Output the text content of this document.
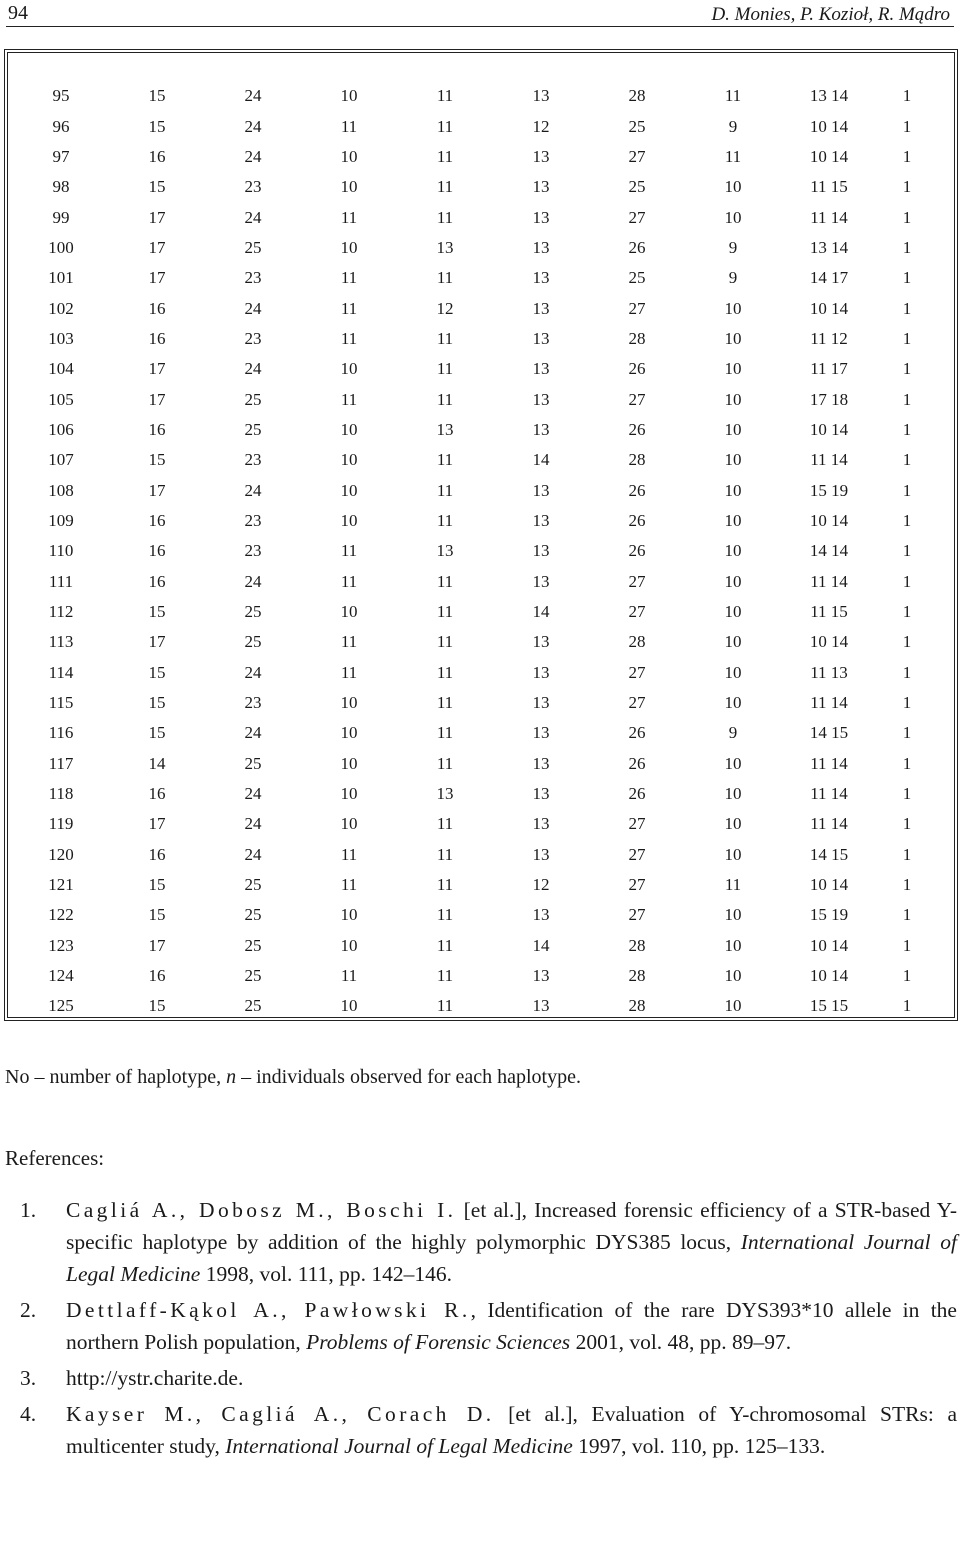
94	D. Monies, P. Kozioł, R. Mądro
95	15	24	10	11	13	28	11	13 14	1
96	15	24	11	11	12	25	9	10 14	1
97	16	24	10	11	13	27	11	10 14	1
98	15	23	10	11	13	25	10	11 15	1
99	17	24	11	11	13	27	10	11 14	1
100	17	25	10	13	13	26	9	13 14	1
101	17	23	11	11	13	25	9	14 17	1
102	16	24	11	12	13	27	10	10 14	1
103	16	23	11	11	13	28	10	11 12	1
104	17	24	10	11	13	26	10	11 17	1
105	17	25	11	11	13	27	10	17 18	1
106	16	25	10	13	13	26	10	10 14	1
107	15	23	10	11	14	28	10	11 14	1
108	17	24	10	11	13	26	10	15 19	1
109	16	23	10	11	13	26	10	10 14	1
110	16	23	11	13	13	26	10	14 14	1
111	16	24	11	11	13	27	10	11 14	1
112	15	25	10	11	14	27	10	11 15	1
113	17	25	11	11	13	28	10	10 14	1
114	15	24	11	11	13	27	10	11 13	1
115	15	23	10	11	13	27	10	11 14	1
116	15	24	10	11	13	26	9	14 15	1
117	14	25	10	11	13	26	10	11 14	1
118	16	24	10	13	13	26	10	11 14	1
119	17	24	10	11	13	27	10	11 14	1
120	16	24	11	11	13	27	10	14 15	1
121	15	25	11	11	12	27	11	10 14	1
122	15	25	10	11	13	27	10	15 19	1
123	17	25	10	11	14	28	10	10 14	1
124	16	25	11	11	13	28	10	10 14	1
125	15	25	10	11	13	28	10	15 15	1
No – number of haplotype, n – individuals observed for each haplotype.
References:
1. Cagliá A., Dobosz M., Boschi I. [et al.], Increased forensic efficiency of a STR-based Y-specific haplotype by addition of the highly polymorphic DYS385 locus, International Journal of Legal Medicine 1998, vol. 111, pp. 142–146.
2. Dettlaff-Kąkol A., Pawłowski R., Identification of the rare DYS393*10 allele in the northern Polish population, Problems of Forensic Sciences 2001, vol. 48, pp. 89–97.
3. http://ystr.charite.de.
4. Kayser M., Cagliá A., Corach D. [et al.], Evaluation of Y-chromosomal STRs: a multicenter study, International Journal of Legal Medicine 1997, vol. 110, pp. 125–133.
